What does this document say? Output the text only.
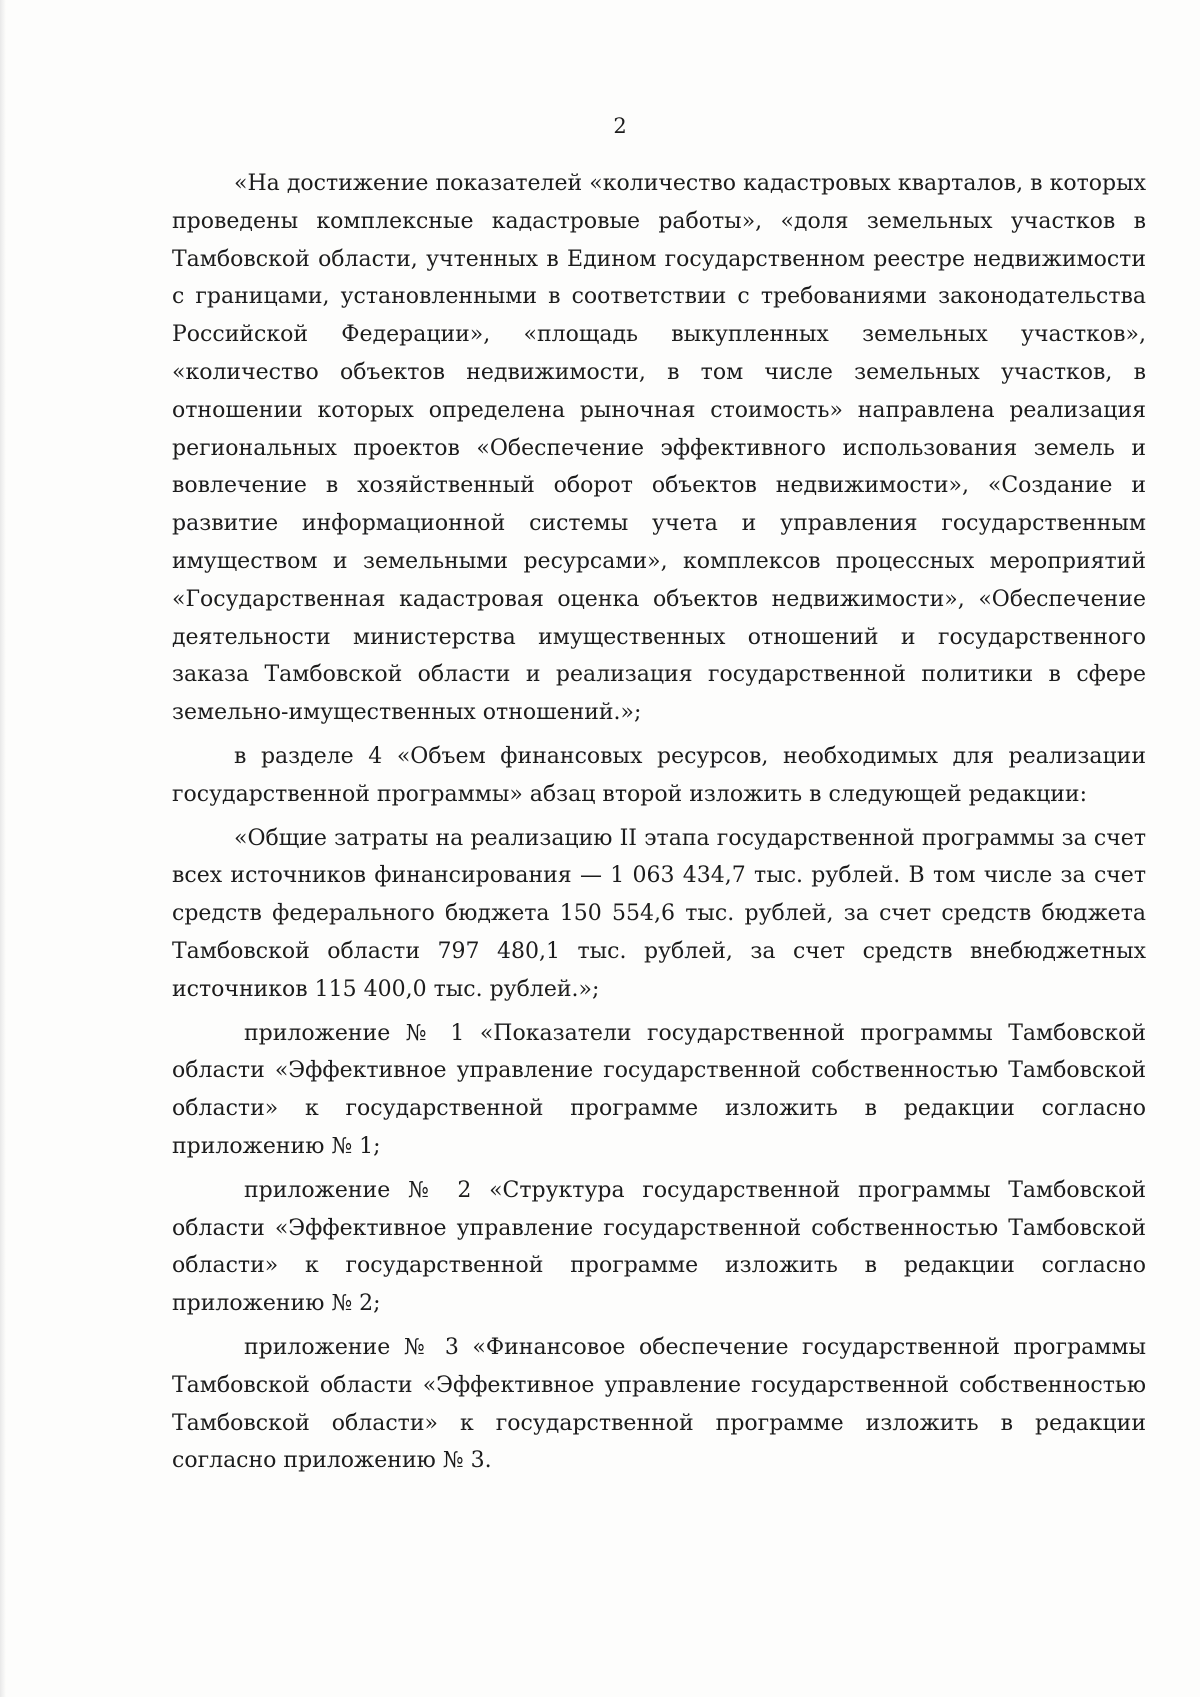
2

«На достижение показателей «количество кадастровых кварталов, в которых проведены комплексные кадастровые работы», «доля земельных участков в Тамбовской области, учтенных в Едином государственном реестре недвижимости с границами, установленными в соответствии с требованиями законодательства Российской Федерации», «площадь выкупленных земельных участков», «количество объектов недвижимости, в том числе земельных участков, в отношении которых определена рыночная стоимость» направлена реализация региональных проектов «Обеспечение эффективного использования земель и вовлечение в хозяйственный оборот объектов недвижимости», «Создание и развитие информационной системы учета и управления государственным имуществом и земельными ресурсами», комплексов процессных мероприятий «Государственная кадастровая оценка объектов недвижимости», «Обеспечение деятельности министерства имущественных отношений и государственного заказа Тамбовской области и реализация государственной политики в сфере земельно-имущественных отношений.»;

в разделе 4 «Объем финансовых ресурсов, необходимых для реализации государственной программы» абзац второй изложить в следующей редакции:

«Общие затраты на реализацию II этапа государственной программы за счет всех источников финансирования — 1 063 434,7 тыс. рублей. В том числе за счет средств федерального бюджета 150 554,6 тыс. рублей, за счет средств бюджета Тамбовской области 797 480,1 тыс. рублей, за счет средств внебюджетных источников 115 400,0 тыс. рублей.»;

приложение № 1 «Показатели государственной программы Тамбовской области «Эффективное управление государственной собственностью Тамбовской области» к государственной программе изложить в редакции согласно приложению № 1;

приложение № 2 «Структура государственной программы Тамбовской области «Эффективное управление государственной собственностью Тамбовской области» к государственной программе изложить в редакции согласно приложению № 2;

приложение № 3 «Финансовое обеспечение государственной программы Тамбовской области «Эффективное управление государственной собственностью Тамбовской области» к государственной программе изложить в редакции согласно приложению № 3.
